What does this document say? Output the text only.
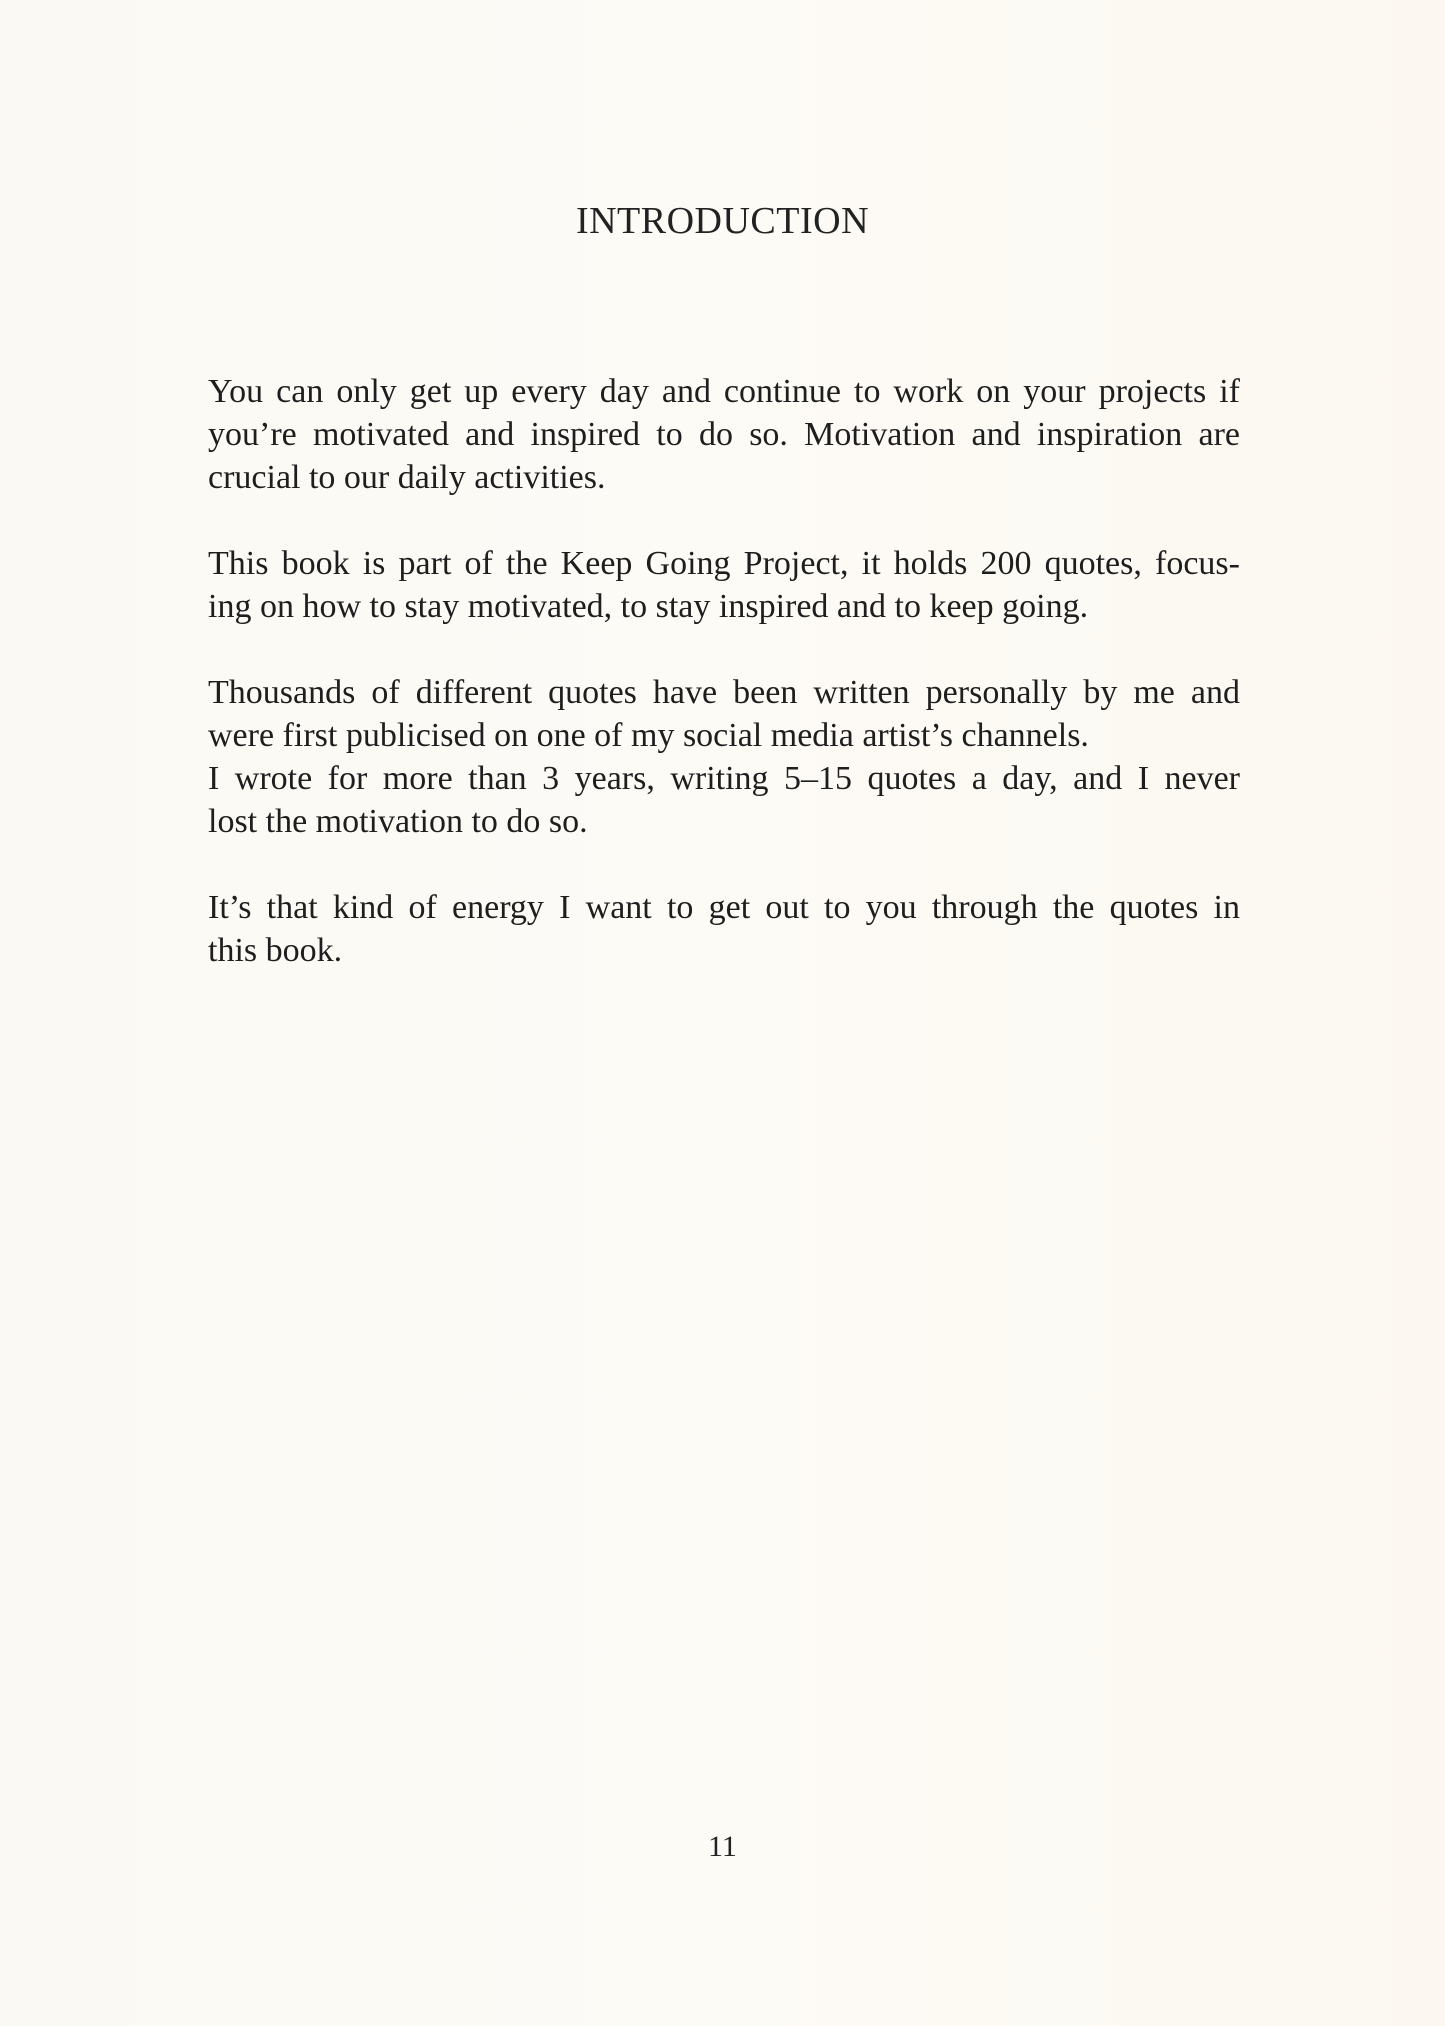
INTRODUCTION

You can only get up every day and continue to work on your projects if
you’re motivated and inspired to do so. Motivation and inspiration are
crucial to our daily activities.

This book is part of the Keep Going Project, it holds 200 quotes, focus-
ing on how to stay motivated, to stay inspired and to keep going.

Thousands of different quotes have been written personally by me and
were first publicised on one of my social media artist’s channels.
I wrote for more than 3 years, writing 5–15 quotes a day, and I never
lost the motivation to do so.

It’s that kind of energy I want to get out to you through the quotes in
this book.

11
